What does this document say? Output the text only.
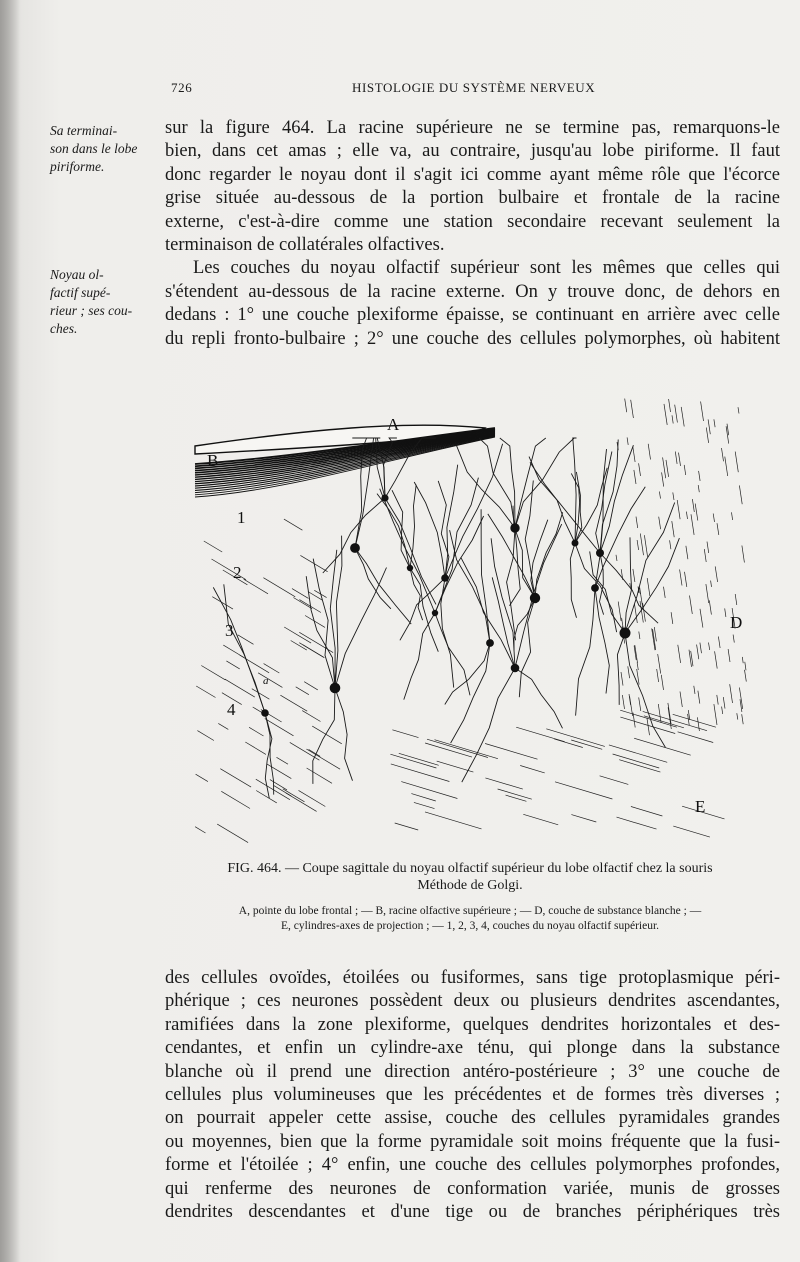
726	HISTOLOGIE DU SYSTÈME NERVEUX
Sa terminai-
son dans le lobe
piriforme.
Noyau ol-
factif supé-
rieur ; ses cou-
ches.
sur la figure 464. La racine supérieure ne se termine pas, remarquons-le
bien, dans cet amas ; elle va, au contraire, jusqu'au lobe piriforme. Il faut
donc regarder le noyau dont il s'agit ici comme ayant même rôle que l'écorce
grise située au-dessous de la portion bulbaire et frontale de la racine
externe, c'est-à-dire comme une station secondaire recevant seulement la
terminaison de collatérales olfactives.
Les couches du noyau olfactif supérieur sont les mêmes que celles qui
s'étendent au-dessous de la racine externe. On y trouve donc, de dehors en
dedans : 1° une couche plexiforme épaisse, se continuant en arrière avec celle
du repli fronto-bulbaire ; 2° une couche des cellules polymorphes, où habitent
A
B
1
2
3
4
D
E
a
FIG. 464. — Coupe sagittale du noyau olfactif supérieur du lobe olfactif chez la souris
Méthode de Golgi.
A, pointe du lobe frontal ; — B, racine olfactive supérieure ; — D, couche de substance blanche ; —
E, cylindres-axes de projection ; — 1, 2, 3, 4, couches du noyau olfactif supérieur.
des cellules ovoïdes, étoilées ou fusiformes, sans tige protoplasmique péri-
phérique ; ces neurones possèdent deux ou plusieurs dendrites ascendantes,
ramifiées dans la zone plexiforme, quelques dendrites horizontales et des-
cendantes, et enfin un cylindre-axe ténu, qui plonge dans la substance
blanche où il prend une direction antéro-postérieure ; 3° une couche de
cellules plus volumineuses que les précédentes et de formes très diverses ;
on pourrait appeler cette assise, couche des cellules pyramidales grandes
ou moyennes, bien que la forme pyramidale soit moins fréquente que la fusi-
forme et l'étoilée ; 4° enfin, une couche des cellules polymorphes profondes,
qui renferme des neurones de conformation variée, munis de grosses
dendrites descendantes et d'une tige ou de branches périphériques très
